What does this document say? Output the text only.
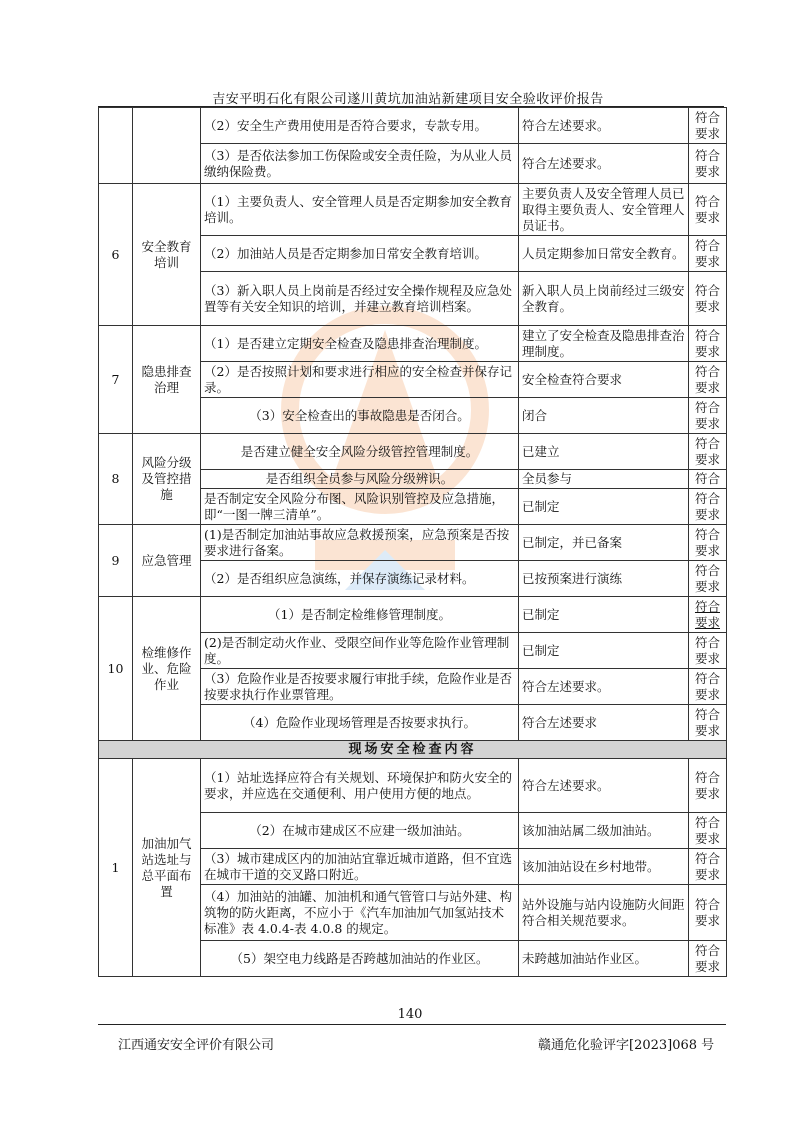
吉安平明石化有限公司遂川黄坑加油站新建项目安全验收评价报告
		（2）安全生产费用使用是否符合要求，专款专用。	符合左述要求。	符合要求
		（3）是否依法参加工伤保险或安全责任险，为从业人员缴纳保险费。	符合左述要求。	符合要求
6	安全教育培训	（1）主要负责人、安全管理人员是否定期参加安全教育培训。	主要负责人及安全管理人员已取得主要负责人、安全管理人员证书。	符合要求
		（2）加油站人员是否定期参加日常安全教育培训。	人员定期参加日常安全教育。	符合要求
		（3）新入职人员上岗前是否经过安全操作规程及应急处置等有关安全知识的培训，并建立教育培训档案。	新入职人员上岗前经过三级安全教育。	符合要求
7	隐患排查治理	（1）是否建立定期安全检查及隐患排查治理制度。	建立了安全检查及隐患排查治理制度。	符合要求
		（2）是否按照计划和要求进行相应的安全检查并保存记录。	安全检查符合要求	符合要求
		（3）安全检查出的事故隐患是否闭合。	闭合	符合要求
8	风险分级及管控措施	是否建立健全安全风险分级管控管理制度。	已建立	符合要求
		是否组织全员参与风险分级辨识。	全员参与	符合
		是否制定安全风险分布图、风险识别管控及应急措施，即“一图一牌三清单”。	已制定	符合要求
9	应急管理	(1)是否制定加油站事故应急救援预案，应急预案是否按要求进行备案。	已制定，并已备案	符合要求
		（2）是否组织应急演练，并保存演练记录材料。	已按预案进行演练	符合要求
10	检维修作业、危险作业	（1）是否制定检维修管理制度。	已制定	符合要求
		(2)是否制定动火作业、受限空间作业等危险作业管理制度。	已制定	符合要求
		（3）危险作业是否按要求履行审批手续，危险作业是否按要求执行作业票管理。	符合左述要求。	符合要求
		（4）危险作业现场管理是否按要求执行。	符合左述要求	符合要求
现场安全检查内容				
1	加油加气站选址与总平面布置	（1）站址选择应符合有关规划、环境保护和防火安全的要求，并应选在交通便利、用户使用方便的地点。	符合左述要求。	符合要求
		（2）在城市建成区不应建一级加油站。	该加油站属二级加油站。	符合要求
		（3）城市建成区内的加油站宜靠近城市道路，但不宜选在城市干道的交叉路口附近。	该加油站设在乡村地带。	符合要求
		（4）加油站的油罐、加油机和通气管管口与站外建、构筑物的防火距离，不应小于《汽车加油加气加氢站技术标准》表 4.0.4-表 4.0.8 的规定。	站外设施与站内设施防火间距符合相关规范要求。	符合要求
		（5）架空电力线路是否跨越加油站的作业区。	未跨越加油站作业区。	符合要求
140
江西通安安全评价有限公司	赣通危化验评字[2023]068 号
